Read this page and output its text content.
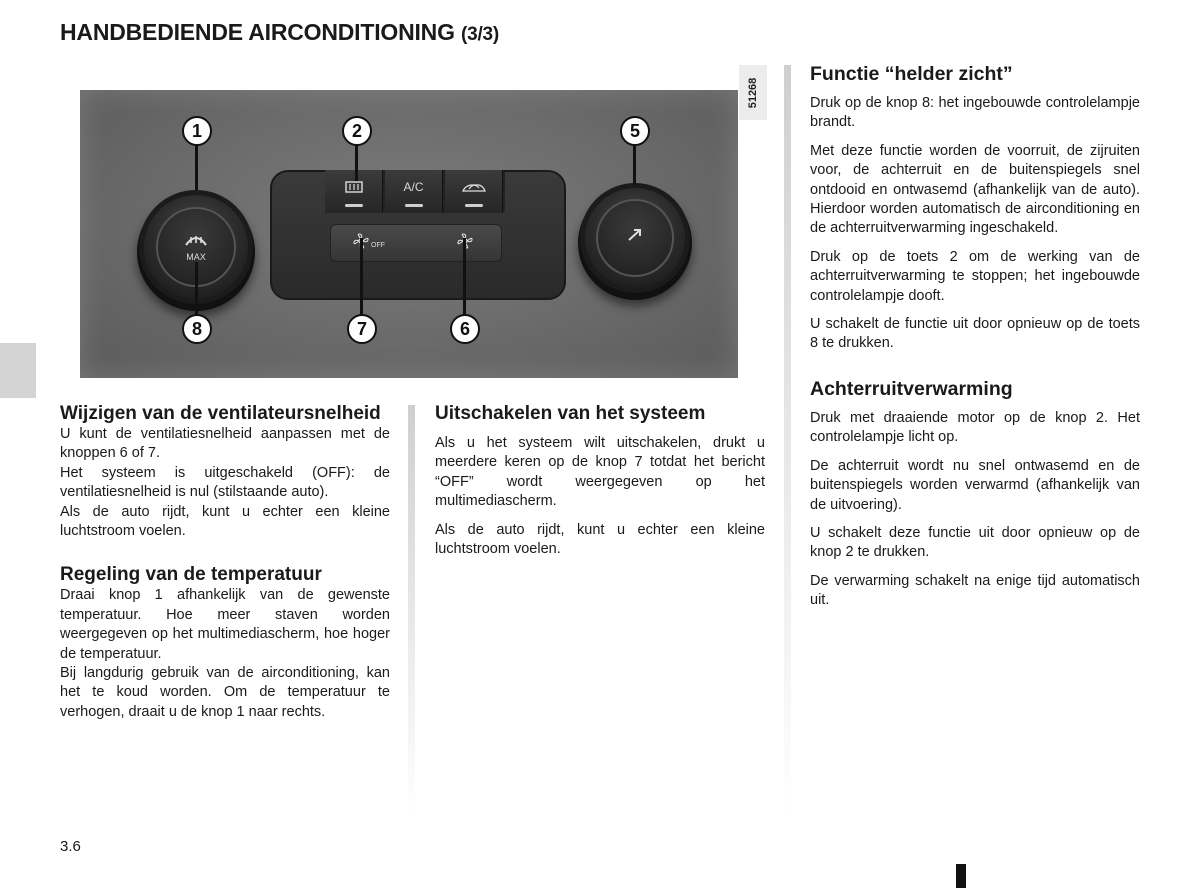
HANDBEDIENDE AIRCONDITIONING (3/3)
51268
MAX
A/C
OFF
1	2	5
8	7	6
Wijzigen van de ventilateursnelheid

U kunt de ventilatiesnelheid aanpassen met de knoppen 6 of 7.

Het systeem is uitgeschakeld (OFF): de ventilatiesnelheid is nul (stilstaande auto).

Als de auto rijdt, kunt u echter een kleine luchtstroom voelen.

Regeling van de temperatuur

Draai knop 1 afhankelijk van de gewenste temperatuur. Hoe meer staven worden weergegeven op het multimediascherm, hoe hoger de temperatuur.

Bij langdurig gebruik van de airconditioning, kan het te koud worden. Om de temperatuur te verhogen, draait u de knop 1 naar rechts.

Uitschakelen van het systeem

Als u het systeem wilt uitschakelen, drukt u meerdere keren op de knop 7 totdat het bericht “OFF” wordt weergegeven op het multimediascherm.

Als de auto rijdt, kunt u echter een kleine luchtstroom voelen.

Functie “helder zicht”

Druk op de knop 8: het ingebouwde controlelampje brandt.

Met deze functie worden de voorruit, de zijruiten voor, de achterruit en de buitenspiegels snel ontdooid en ontwasemd (afhankelijk van de auto). Hierdoor worden automatisch de airconditioning en de achterruitverwarming ingeschakeld.

Druk op de toets 2 om de werking van de achterruitverwarming te stoppen; het ingebouwde controlelampje dooft.

U schakelt de functie uit door opnieuw op de toets 8 te drukken.

Achterruitverwarming

Druk met draaiende motor op de knop 2. Het controlelampje licht op.

De achterruit wordt nu snel ontwasemd en de buitenspiegels worden verwarmd (afhankelijk van de uitvoering).

U schakelt deze functie uit door opnieuw op de knop 2 te drukken.

De verwarming schakelt na enige tijd automatisch uit.

3.6
